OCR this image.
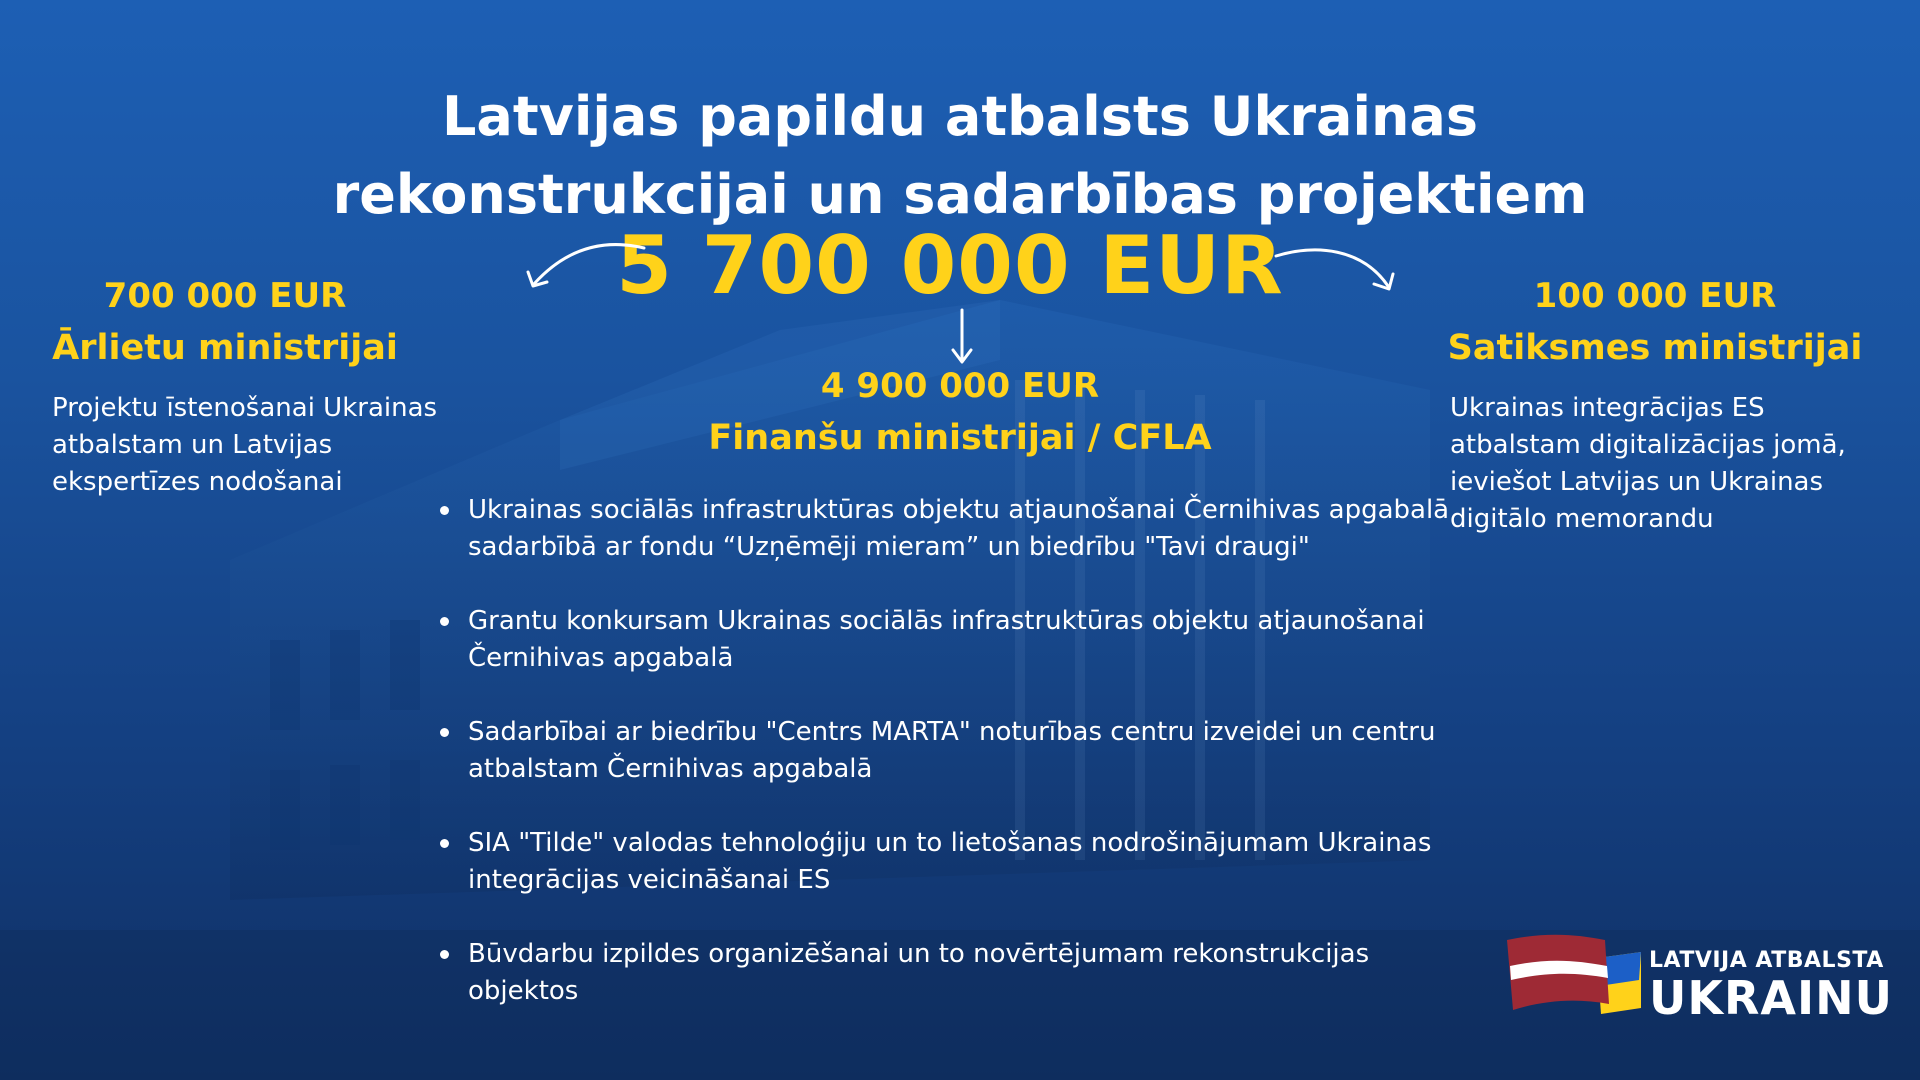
Latvijas papildu atbalsts Ukrainas
rekonstrukcijai un sadarbības projektiem
5 700 000 EUR
700 000 EUR
Ārlietu ministrijai
Projektu īstenošanai Ukrainas atbalstam un Latvijas ekspertīzes nodošanai
4 900 000 EUR
Finanšu ministrijai / CFLA
Ukrainas sociālās infrastruktūras objektu atjaunošanai Černihivas apgabalā sadarbībā ar fondu “Uzņēmēji mieram” un biedrību "Tavi draugi"
Grantu konkursam Ukrainas sociālās infrastruktūras objektu atjaunošanai Černihivas apgabalā
Sadarbībai ar biedrību "Centrs MARTA" noturības centru izveidei un centru atbalstam Černihivas apgabalā
SIA "Tilde" valodas tehnoloģiju un to lietošanas nodrošinājumam Ukrainas integrācijas veicināšanai ES
Būvdarbu izpildes organizēšanai un to novērtējumam rekonstrukcijas objektos
100 000 EUR
Satiksmes ministrijai
Ukrainas integrācijas ES atbalstam digitalizācijas jomā, ieviešot Latvijas un Ukrainas digitālo memorandu
LATVIJA ATBALSTA
UKRAINU
